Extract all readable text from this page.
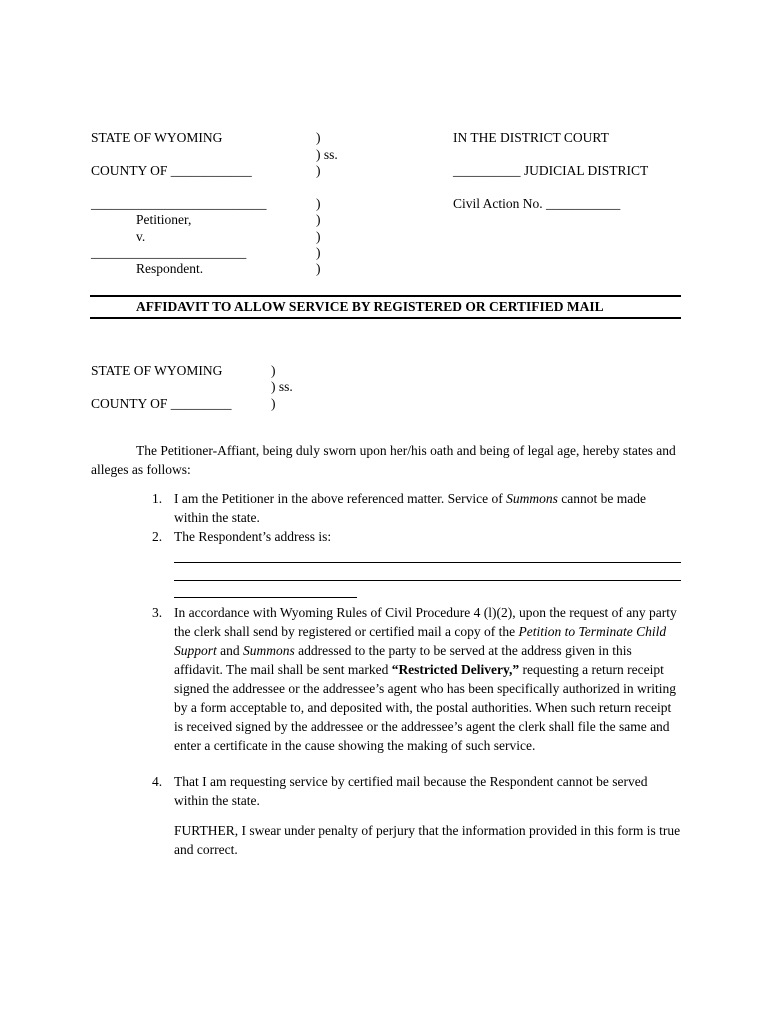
STATE OF WYOMING
COUNTY OF ____________
)
) ss.
)
IN THE DISTRICT COURT
__________ JUDICIAL DISTRICT
Civil Action No. ___________
__________________________
Petitioner,
v.
_______________________
Respondent.
)
)
)
)
)
AFFIDAVIT TO ALLOW SERVICE BY REGISTERED OR CERTIFIED MAIL
STATE OF WYOMING
COUNTY OF _________
)
) ss.
)
The Petitioner-Affiant, being duly sworn upon her/his oath and being of legal age, hereby states and alleges as follows:
1. I am the Petitioner in the above referenced matter. Service of Summons cannot be made within the state.
2. The Respondent’s address is:
3. In accordance with Wyoming Rules of Civil Procedure 4 (l)(2), upon the request of any party the clerk shall send by registered or certified mail a copy of the Petition to Terminate Child Support and Summons addressed to the party to be served at the address given in this affidavit. The mail shall be sent marked “Restricted Delivery,” requesting a return receipt signed the addressee or the addressee’s agent who has been specifically authorized in writing by a form acceptable to, and deposited with, the postal authorities. When such return receipt is received signed by the addressee or the addressee’s agent the clerk shall file the same and enter a certificate in the cause showing the making of such service.
4. That I am requesting service by certified mail because the Respondent cannot be served within the state.
FURTHER, I swear under penalty of perjury that the information provided in this form is true and correct.
